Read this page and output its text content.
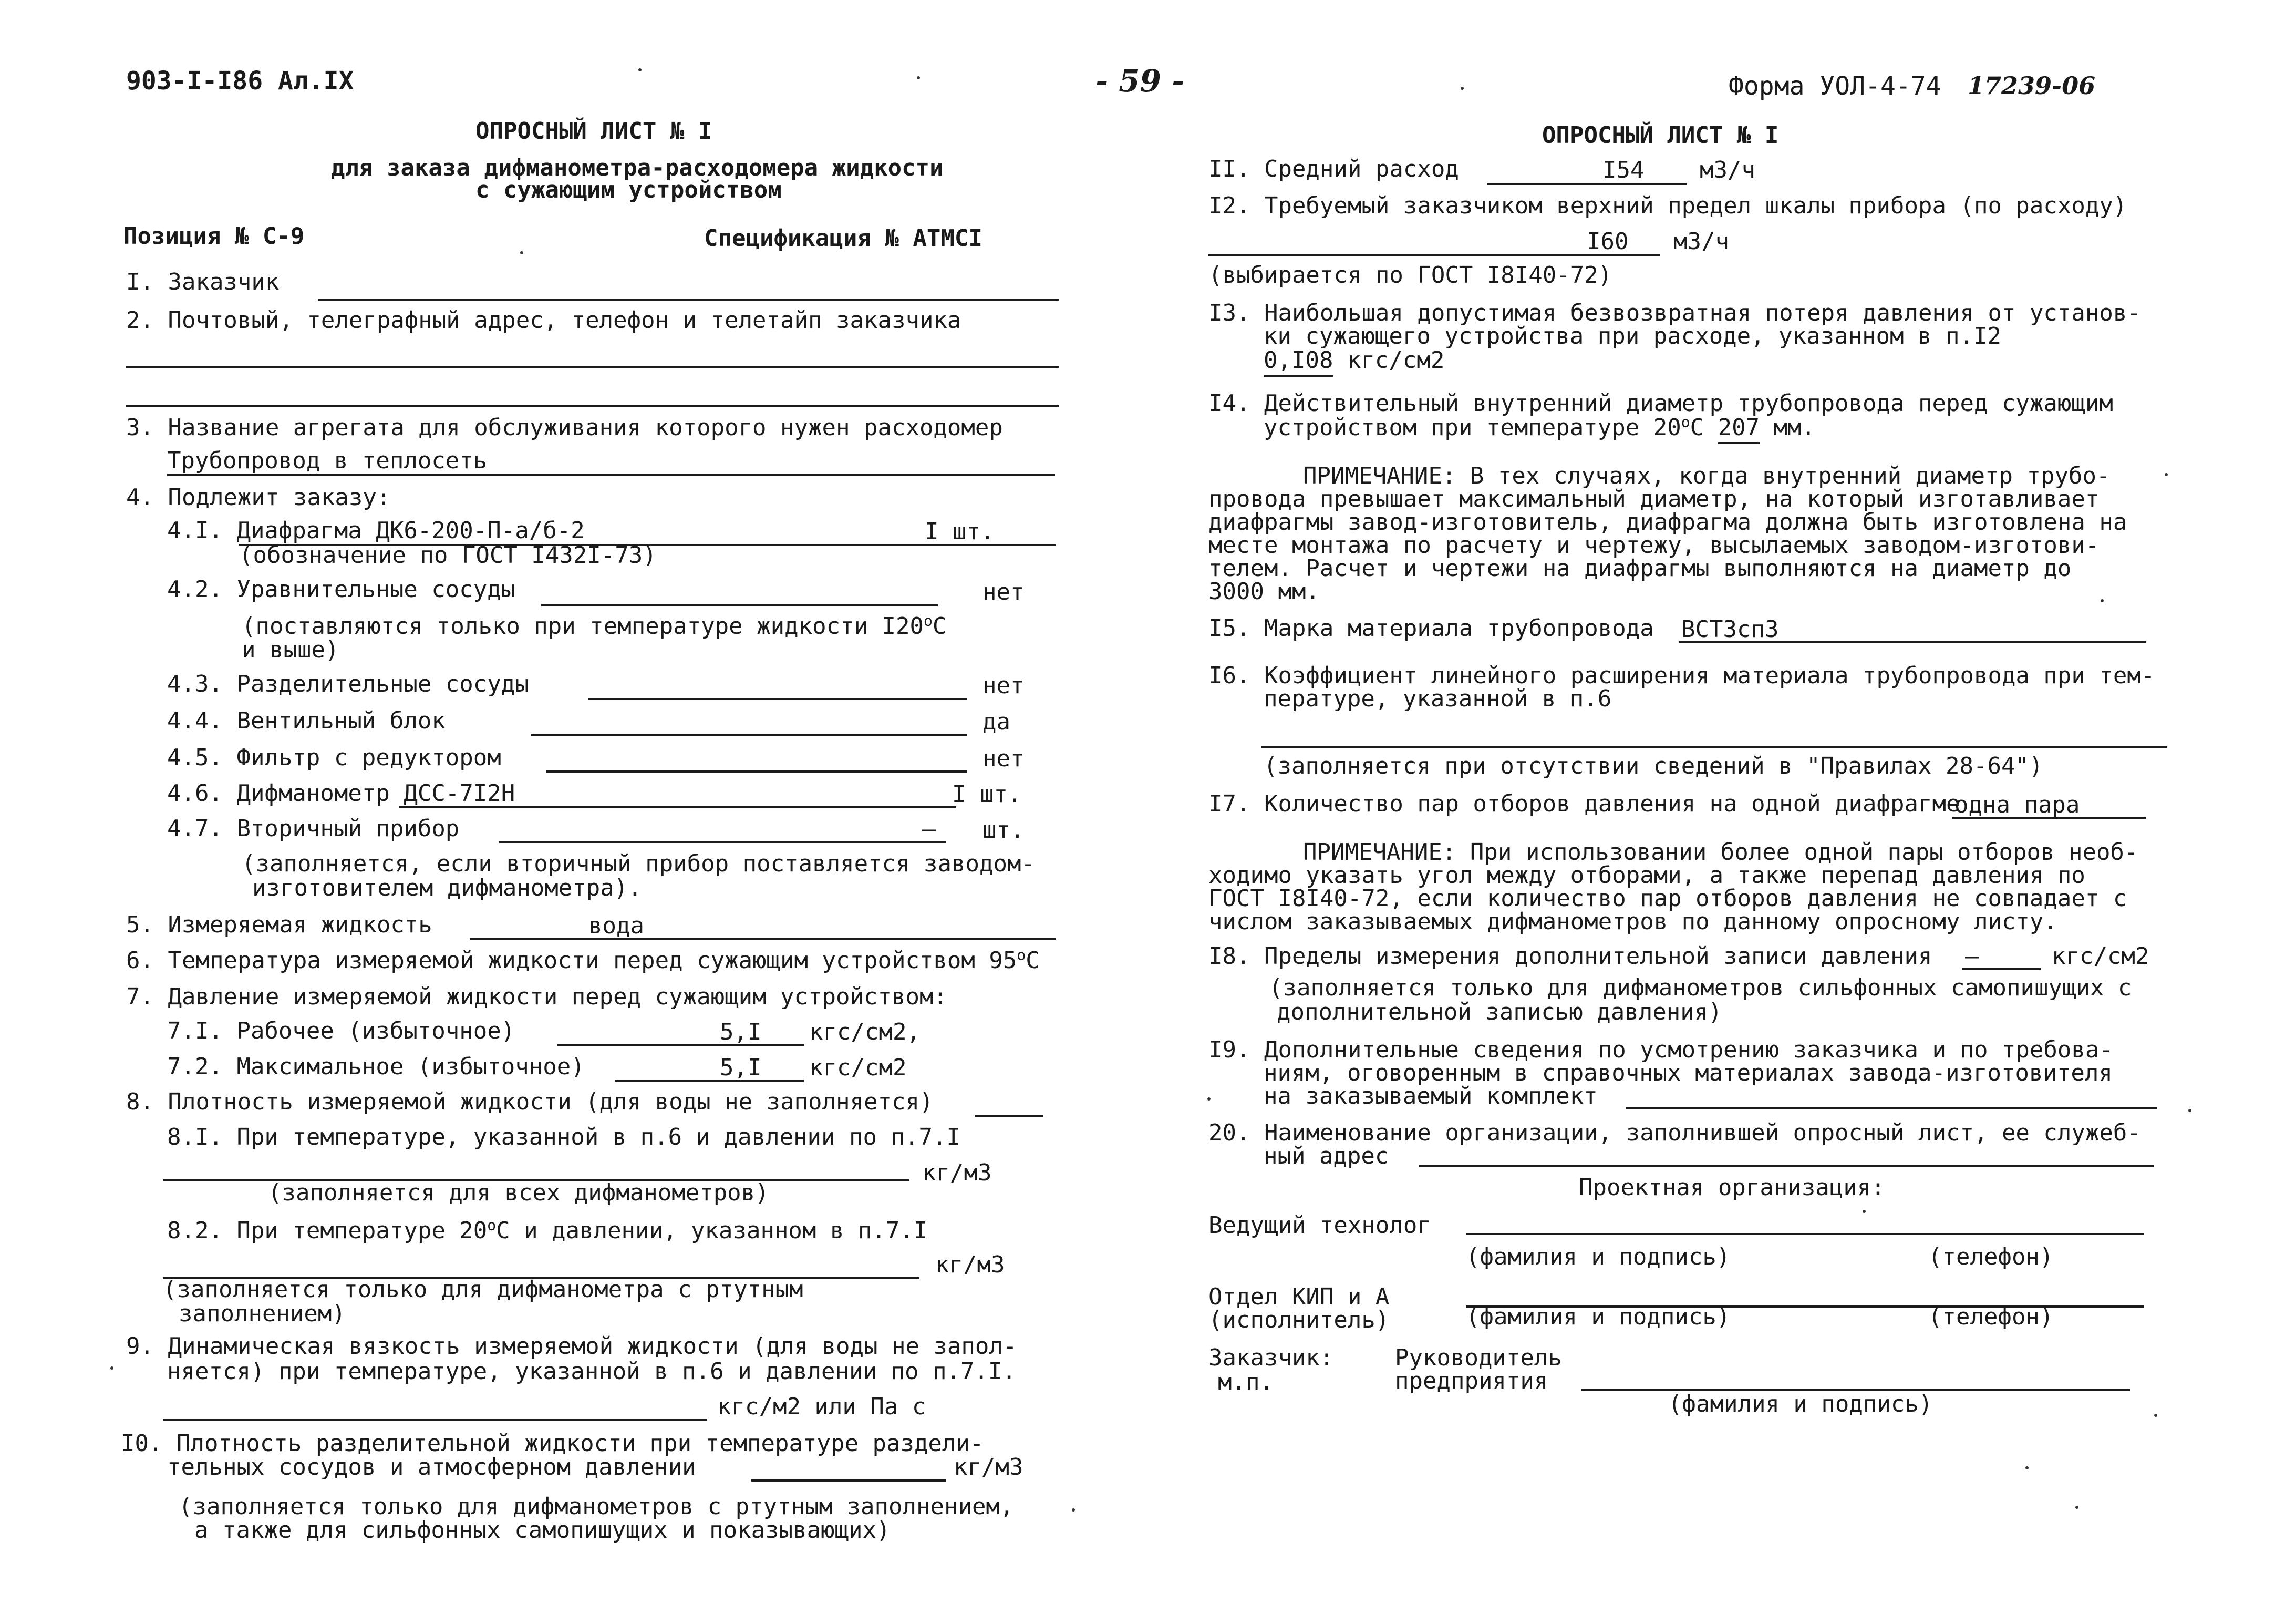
903-I-I86 Ал.IX	- 59 -	Форма УОЛ-4-74 17239-06
ОПРОСНЫЙ ЛИСТ № I
для заказа дифманометра-расходомера жидкости
с сужающим устройством
Позиция № С-9	Спецификация № АТМСI
I. Заказчик
2. Почтовый, телеграфный адрес, телефон и телетайп заказчика
3. Название агрегата для обслуживания которого нужен расходомер
Трубопровод в теплосеть
4. Подлежит заказу:
4.I. Диафрагма ДК6-200-П-а/б-2	I шт.
(обозначение по ГОСТ I432I-73)
4.2. Уравнительные сосуды	нет
(поставляются только при температуре жидкости I20$^o$С
и выше)
4.3. Разделительные сосуды	нет
4.4. Вентильный блок	да
4.5. Фильтр с редуктором	нет
4.6. Дифманометр ДСС-7I2Н	I шт.
4.7. Вторичный прибор	– шт.
(заполняется, если вторичный прибор поставляется заводом-
изготовителем дифманометра).
5. Измеряемая жидкость	вода
6. Температура измеряемой жидкости перед сужающим устройством 95$^o$С
7. Давление измеряемой жидкости перед сужающим устройством:
7.I. Рабочее (избыточное)	5,I кгс/см2,
7.2. Максимальное (избыточное)	5,I кгс/см2
8. Плотность измеряемой жидкости (для воды не заполняется)
8.I. При температуре, указанной в п.6 и давлении по п.7.I
кг/м3
(заполняется для всех дифманометров)
8.2. При температуре 20$^o$С и давлении, указанном в п.7.I
кг/м3
(заполняется только для дифманометра с ртутным
заполнением)
9. Динамическая вязкость измеряемой жидкости (для воды не запол-
няется) при температуре, указанной в п.6 и давлении по п.7.I.
кгс/м2 или Па с
I0. Плотность разделительной жидкости при температуре раздели-
тельных сосудов и атмосферном давлении	кг/м3
(заполняется только для дифманометров с ртутным заполнением,
а также для сильфонных самопишущих и показывающих)
ОПРОСНЫЙ ЛИСТ № I
II. Средний расход	I54 м3/ч
I2. Требуемый заказчиком верхний предел шкалы прибора (по расходу)
I60 м3/ч
(выбирается по ГОСТ I8I40-72)
I3. Наибольшая допустимая безвозвратная потеря давления от установ-
ки сужающего устройства при расходе, указанном в п.I2
0,I08 кгс/см2
I4. Действительный внутренний диаметр трубопровода перед сужающим
устройством при температуре 20$^o$С 207 мм.
ПРИМЕЧАНИЕ: В тех случаях, когда внутренний диаметр трубо-
провода превышает максимальный диаметр, на который изготавливает
диафрагмы завод-изготовитель, диафрагма должна быть изготовлена на
месте монтажа по расчету и чертежу, высылаемых заводом-изготови-
телем. Расчет и чертежи на диафрагмы выполняются на диаметр до
3000 мм.
I5. Марка материала трубопровода ВСТ3сп3
I6. Коэффициент линейного расширения материала трубопровода при тем-
пературе, указанной в п.6
(заполняется при отсутствии сведений в "Правилах 28-64")
I7. Количество пар отборов давления на одной диафрагме
одна пара
ПРИМЕЧАНИЕ: При использовании более одной пары отборов необ-
ходимо указать угол между отборами, а также перепад давления по
ГОСТ I8I40-72, если количество пар отборов давления не совпадает с
числом заказываемых дифманометров по данному опросному листу.
I8. Пределы измерения дополнительной записи давления –	кгс/см2
(заполняется только для дифманометров сильфонных самопишущих с
дополнительной записью давления)
I9. Дополнительные сведения по усмотрению заказчика и по требова-
ниям, оговоренным в справочных материалах завода-изготовителя
на заказываемый комплект
20. Наименование организации, заполнившей опросный лист, ее служеб-
ный адрес
Проектная организация:
Ведущий технолог
(фамилия и подпись)	(телефон)
Отдел КИП и А
(исполнитель)	(фамилия и подпись)	(телефон)
Заказчик:
м.п.
Руководитель
предприятия
(фамилия и подпись)
